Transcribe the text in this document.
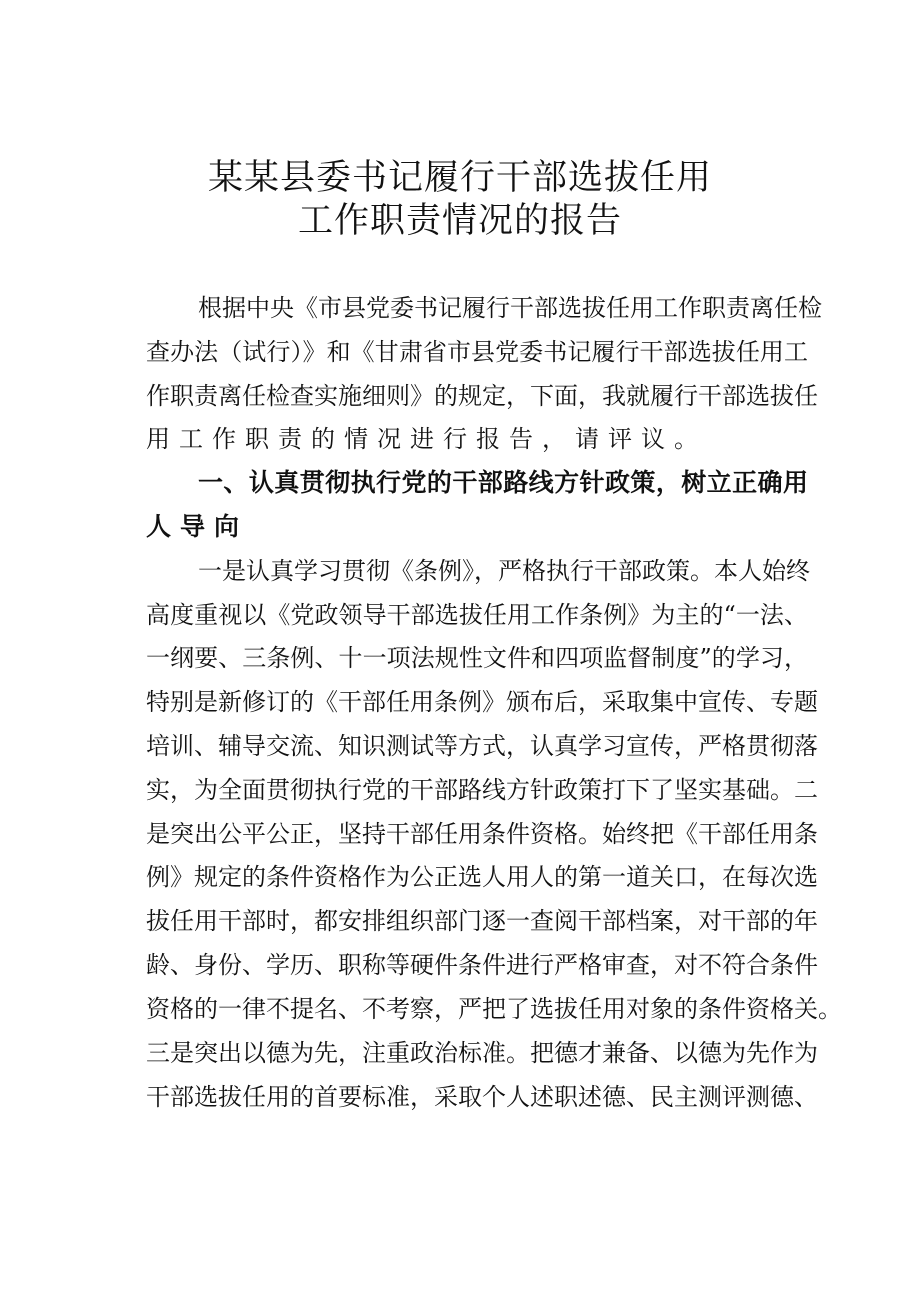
某某县委书记履行干部选拔任用
工作职责情况的报告
根据中央《市县党委书记履行干部选拔任用工作职责离任检
查办法（试行）》和《甘肃省市县党委书记履行干部选拔任用工
作职责离任检查实施细则》的规定，下面，我就履行干部选拔任
用工作职责的情况进行报告，请评议。
一、认真贯彻执行党的干部路线方针政策，树立正确用
人导向
一是认真学习贯彻《条例》，严格执行干部政策。本人始终
高度重视以《党政领导干部选拔任用工作条例》为主的“一法、
一纲要、三条例、十一项法规性文件和四项监督制度”的学习，
特别是新修订的《干部任用条例》颁布后，采取集中宣传、专题
培训、辅导交流、知识测试等方式，认真学习宣传，严格贯彻落
实，为全面贯彻执行党的干部路线方针政策打下了坚实基础。二
是突出公平公正，坚持干部任用条件资格。始终把《干部任用条
例》规定的条件资格作为公正选人用人的第一道关口，在每次选
拔任用干部时，都安排组织部门逐一查阅干部档案，对干部的年
龄、身份、学历、职称等硬件条件进行严格审查，对不符合条件
资格的一律不提名、不考察，严把了选拔任用对象的条件资格关。
三是突出以德为先，注重政治标准。把德才兼备、以德为先作为
干部选拔任用的首要标准，采取个人述职述德、民主测评测德、
